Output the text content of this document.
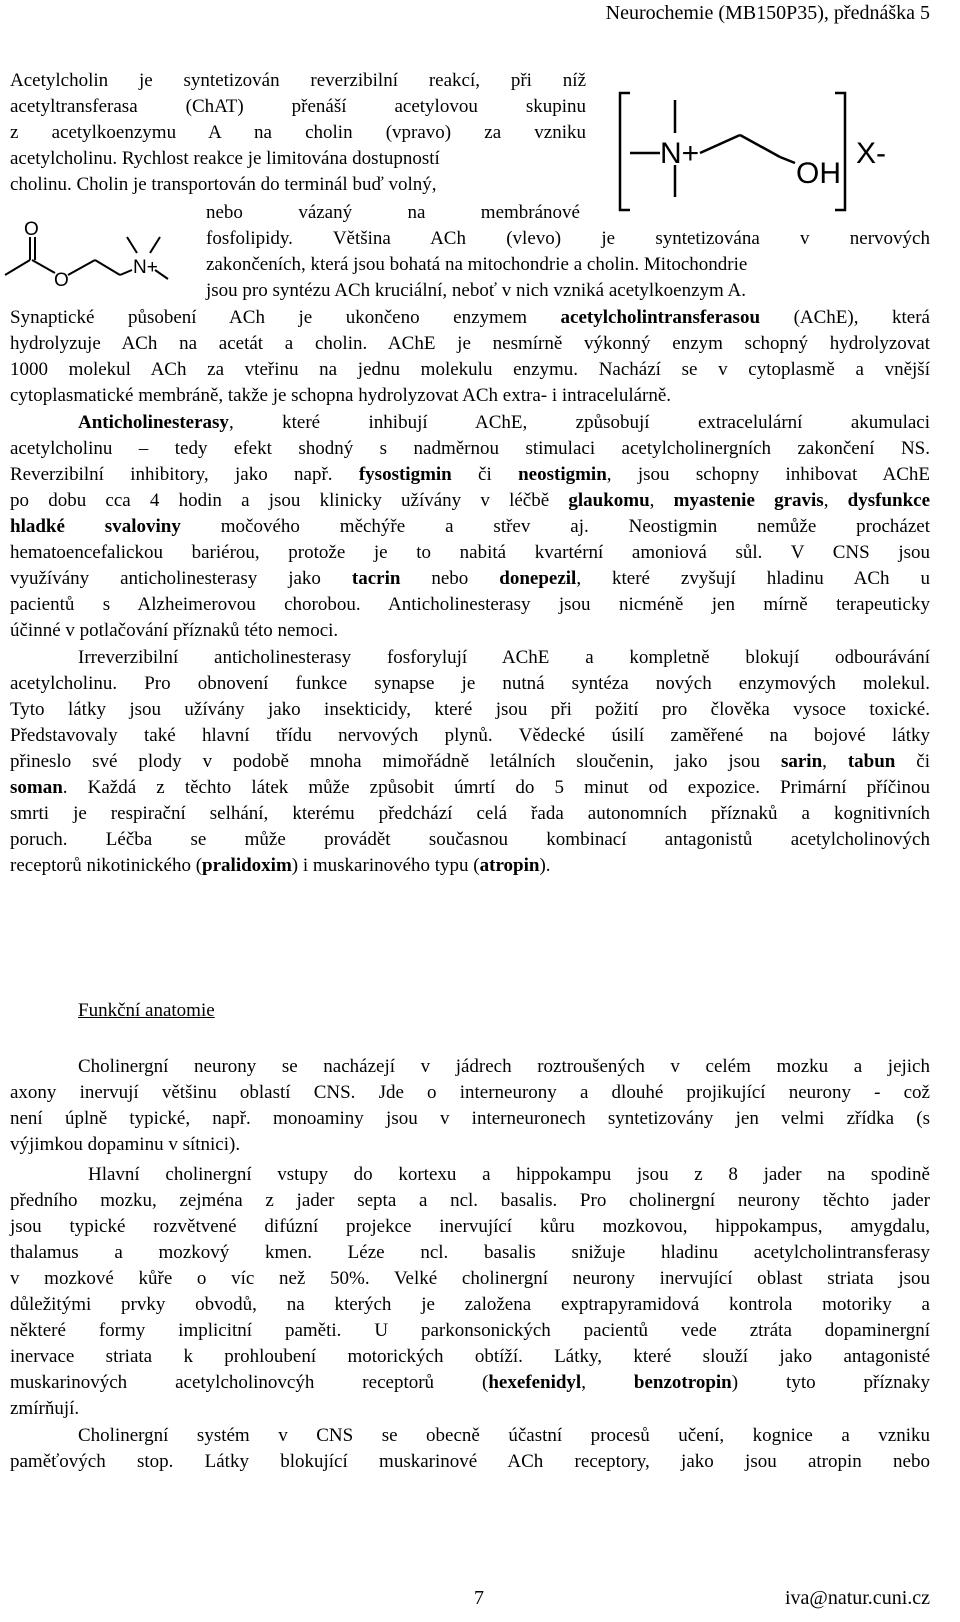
Neurochemie (MB150P35), přednáška 5
N+
OH
X-
O
O
N+
Acetylcholin je syntetizován reverzibilní reakcí, při níž
acetyltransferasa (ChAT) přenáší acetylovou skupinu
z acetylkoenzymu A na cholin (vpravo) za vzniku
acetylcholinu. Rychlost reakce je limitována dostupností
cholinu. Cholin je transportován do terminál buď volný,
nebo vázaný na membránové
fosfolipidy. Většina ACh (vlevo) je syntetizována v nervových
zakončeních, která jsou bohatá na mitochondrie a cholin. Mitochondrie
jsou pro syntézu ACh kruciální, neboť v nich vzniká acetylkoenzym A.
Synaptické působení ACh je ukončeno enzymem acetylcholintransferasou (AChE), která
hydrolyzuje ACh na acetát a cholin. AChE je nesmírně výkonný enzym schopný hydrolyzovat
1000 molekul ACh za vteřinu na jednu molekulu enzymu. Nachází se v cytoplasmě a vnější
cytoplasmatické membráně, takže je schopna hydrolyzovat ACh extra- i intracelulárně.
Anticholinesterasy, které inhibují AChE, způsobují extracelulární akumulaci
acetylcholinu – tedy efekt shodný s nadměrnou stimulaci acetylcholinergních zakončení NS.
Reverzibilní inhibitory, jako např. fysostigmin či neostigmin, jsou schopny inhibovat AChE
po dobu cca 4 hodin a jsou klinicky užívány v léčbě glaukomu, myastenie gravis, dysfunkce
hladké svaloviny močového měchýře a střev aj. Neostigmin nemůže procházet
hematoencefalickou bariérou, protože je to nabitá kvartérní amoniová sůl. V CNS jsou
využívány anticholinesterasy jako tacrin nebo donepezil, které zvyšují hladinu ACh u
pacientů s Alzheimerovou chorobou. Anticholinesterasy jsou nicméně jen mírně terapeuticky
účinné v potlačování příznaků této nemoci.
Irreverzibilní anticholinesterasy fosforylují AChE a kompletně blokují odbourávání
acetylcholinu. Pro obnovení funkce synapse je nutná syntéza nových enzymových molekul.
Tyto látky jsou užívány jako insekticidy, které jsou při požití pro člověka vysoce toxické.
Představovaly také hlavní třídu nervových plynů. Vědecké úsilí zaměřené na bojové látky
přineslo své plody v podobě mnoha mimořádně letálních sloučenin, jako jsou sarin, tabun či
soman. Každá z těchto látek může způsobit úmrtí do 5 minut od expozice. Primární příčinou
smrti je respirační selhání, kterému předchází celá řada autonomních příznaků a kognitivních
poruch. Léčba se může provádět současnou kombinací antagonistů acetylcholinových
receptorů nikotinického (pralidoxim) i muskarinového typu (atropin).
Funkční anatomie
Cholinergní neurony se nacházejí v jádrech roztroušených v celém mozku a jejich
axony inervují většinu oblastí CNS. Jde o interneurony a dlouhé projikující neurony - což
není úplně typické, např. monoaminy jsou v interneuronech syntetizovány jen velmi zřídka (s
výjimkou dopaminu v sítnici).
Hlavní cholinergní vstupy do kortexu a hippokampu jsou z 8 jader na spodině
předního mozku, zejména z jader septa a ncl. basalis. Pro cholinergní neurony těchto jader
jsou typické rozvětvené difúzní projekce inervující kůru mozkovou, hippokampus, amygdalu,
thalamus a mozkový kmen. Léze ncl. basalis snižuje hladinu acetylcholintransferasy
v mozkové kůře o víc než 50%. Velké cholinergní neurony inervující oblast striata jsou
důležitými prvky obvodů, na kterých je založena exptrapyramidová kontrola motoriky a
některé formy implicitní paměti. U parkonsonických pacientů vede ztráta dopaminergní
inervace striata k prohloubení motorických obtíží. Látky, které slouží jako antagonisté
muskarinových acetylcholinovcýh receptorů (hexefenidyl, benzotropin) tyto příznaky
zmírňují.
Cholinergní systém v CNS se obecně účastní procesů učení, kognice a vzniku
paměťových stop. Látky blokující muskarinové ACh receptory, jako jsou atropin nebo
7	iva@natur.cuni.cz
